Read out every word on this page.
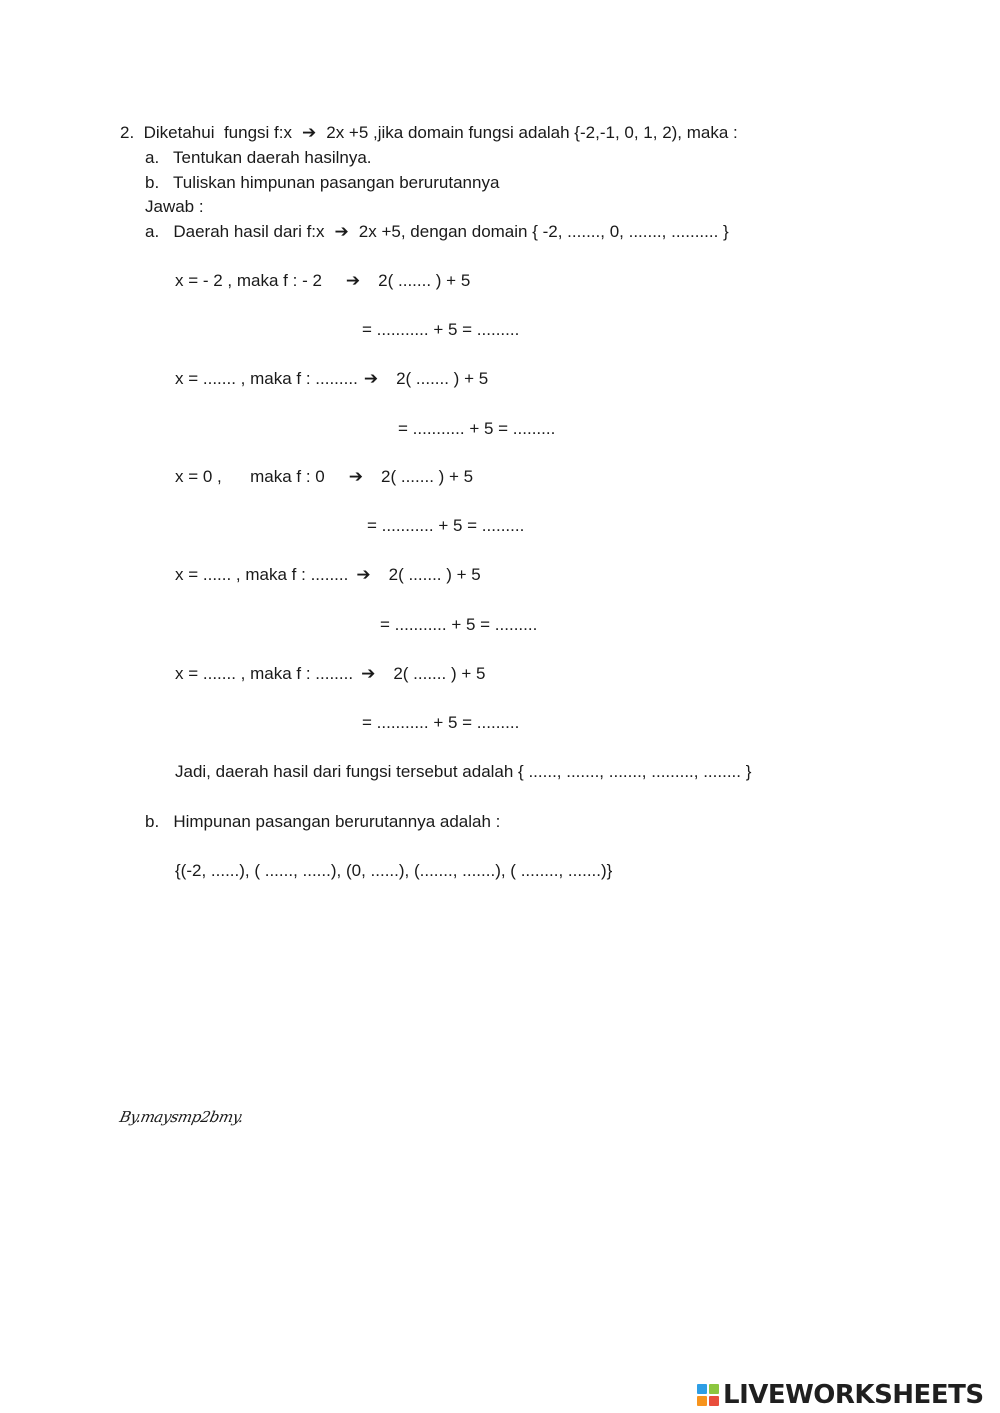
2.  Diketahui  fungsi f:x ➔ 2x +5 ,jika domain fungsi adalah {-2,-1, 0, 1, 2), maka :
a.   Tentukan daerah hasilnya.
b.   Tuliskan himpunan pasangan berurutannya
Jawab :
a.   Daerah hasil dari f:x ➔ 2x +5, dengan domain { -2, ......., 0, ......., .......... }
x = - 2 , maka f : - 2 ➔ 2( ....... ) + 5
= ........... + 5 = .........
x = ....... , maka f : ......... ➔ 2( ....... ) + 5
= ........... + 5 = .........
x = 0 ,      maka f : 0 ➔ 2( ....... ) + 5
= ........... + 5 = .........
x = ...... , maka f : ........ ➔ 2( ....... ) + 5
= ........... + 5 = .........
x = ....... , maka f : ........ ➔ 2( ....... ) + 5
= ........... + 5 = .........
Jadi, daerah hasil dari fungsi tersebut adalah { ......, ......., ......., ........., ........ }
b.   Himpunan pasangan berurutannya adalah :
{(-2, ......), ( ......, ......), (0, ......), (......., .......), ( ........, .......)}
By.maysmp2bmy.
LIVEWORKSHEETS
